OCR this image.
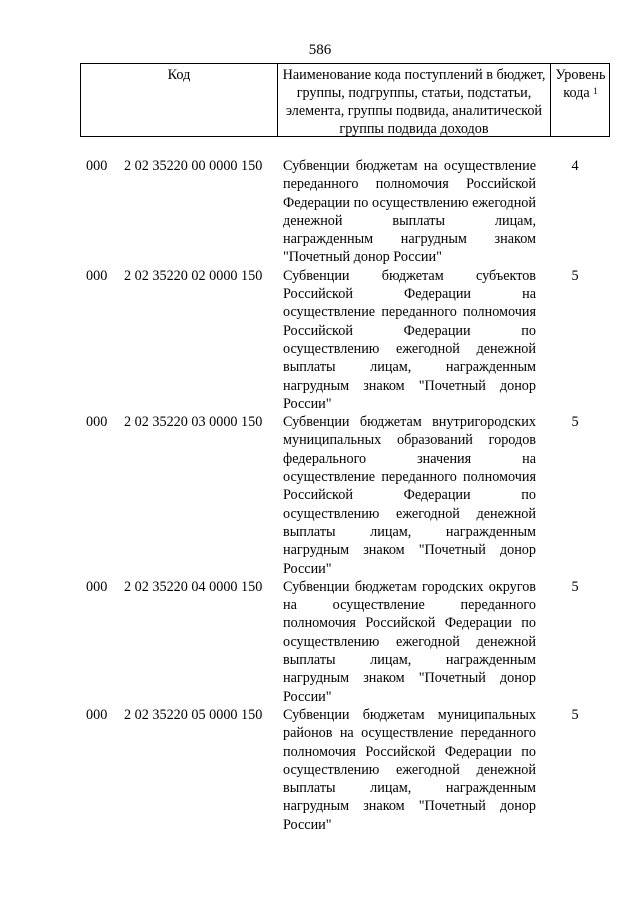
586
Код	Наименование кода поступлений в бюджет, группы, подгруппы, статьи, подстатьи, элемента, группы подвида, аналитической группы подвида доходов
Уровень кода $^1$
000 2 02 35220 00 0000 150 Субвенции бюджетам на осуществление переданного полномочия Российской Федерации по осуществлению ежегодной денежной выплаты лицам, награжденным нагрудным знаком "Почетный донор России"
4
000 2 02 35220 02 0000 150 Субвенции бюджетам субъектов Российской Федерации на осуществление переданного полномочия Российской Федерации по осуществлению ежегодной денежной выплаты лицам, награжденным нагрудным знаком "Почетный донор России"
5
000 2 02 35220 03 0000 150 Субвенции бюджетам внутригородских муниципальных образований городов федерального значения на осуществление переданного полномочия Российской Федерации по осуществлению ежегодной денежной выплаты лицам, награжденным нагрудным знаком "Почетный донор России"
5
000 2 02 35220 04 0000 150 Субвенции бюджетам городских округов на осуществление переданного полномочия Российской Федерации по осуществлению ежегодной денежной выплаты лицам, награжденным нагрудным знаком "Почетный донор России"
5
000 2 02 35220 05 0000 150 Субвенции бюджетам муниципальных районов на осуществление переданного полномочия Российской Федерации по осуществлению ежегодной денежной выплаты лицам, награжденным нагрудным знаком "Почетный донор России"
5
